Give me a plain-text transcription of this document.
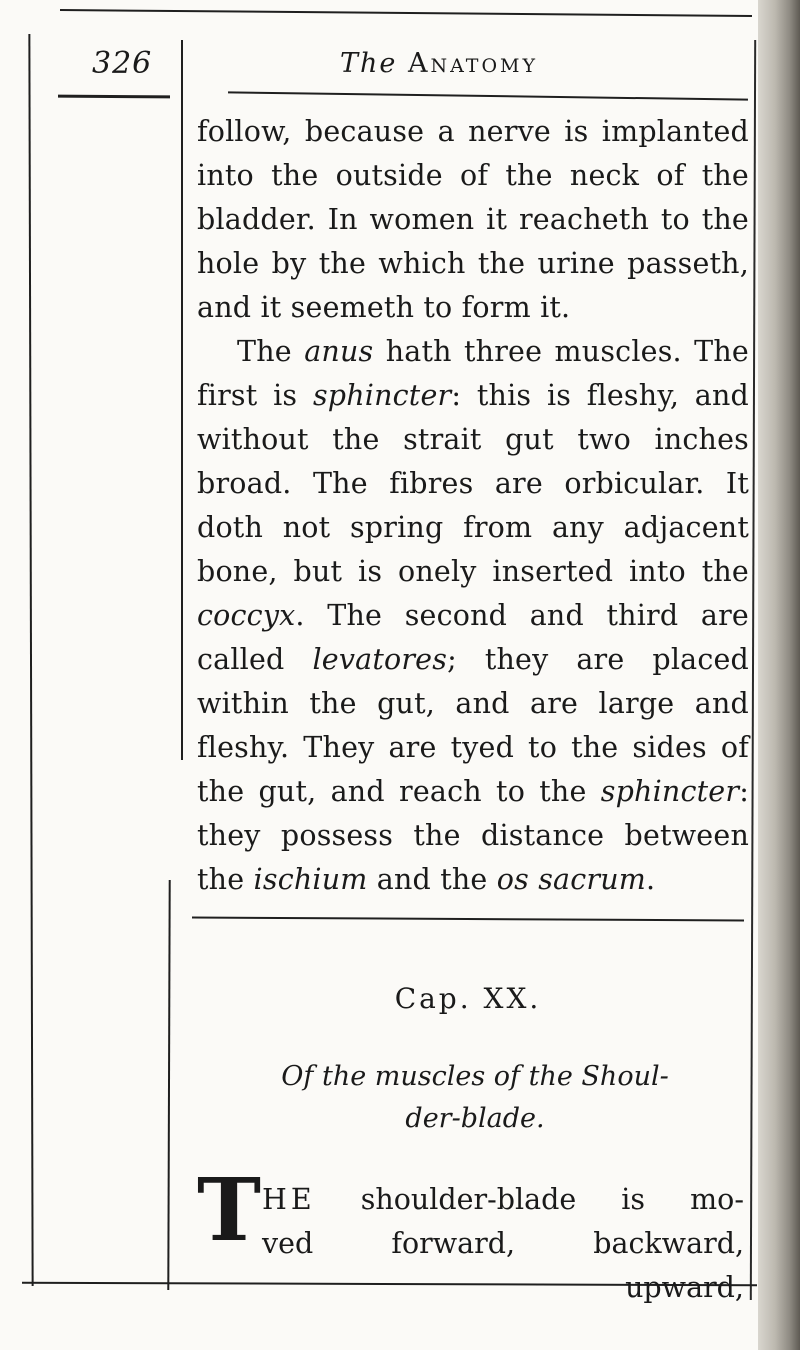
326	The Anatomy

follow, because a nerve is implanted into the outside of the neck of the bladder. In women it reacheth to the hole by the which the urine passeth, and it seemeth to form it.

The anus hath three muscles. The first is sphincter: this is fleshy, and without the strait gut two inches broad. The fibres are orbicular. It doth not spring from any adjacent bone, but is onely inserted into the coccyx. The second and third are called levatores; they are placed within the gut, and are large and fleshy. They are tyed to the sides of the gut, and reach to the sphincter: they possess the distance between the ischium and the os sacrum.

Cap. XX.
Of the muscles of the Shoul-
der-blade.
T HE shoulder-blade is mo-
ved	forward,	backward,
upward,
